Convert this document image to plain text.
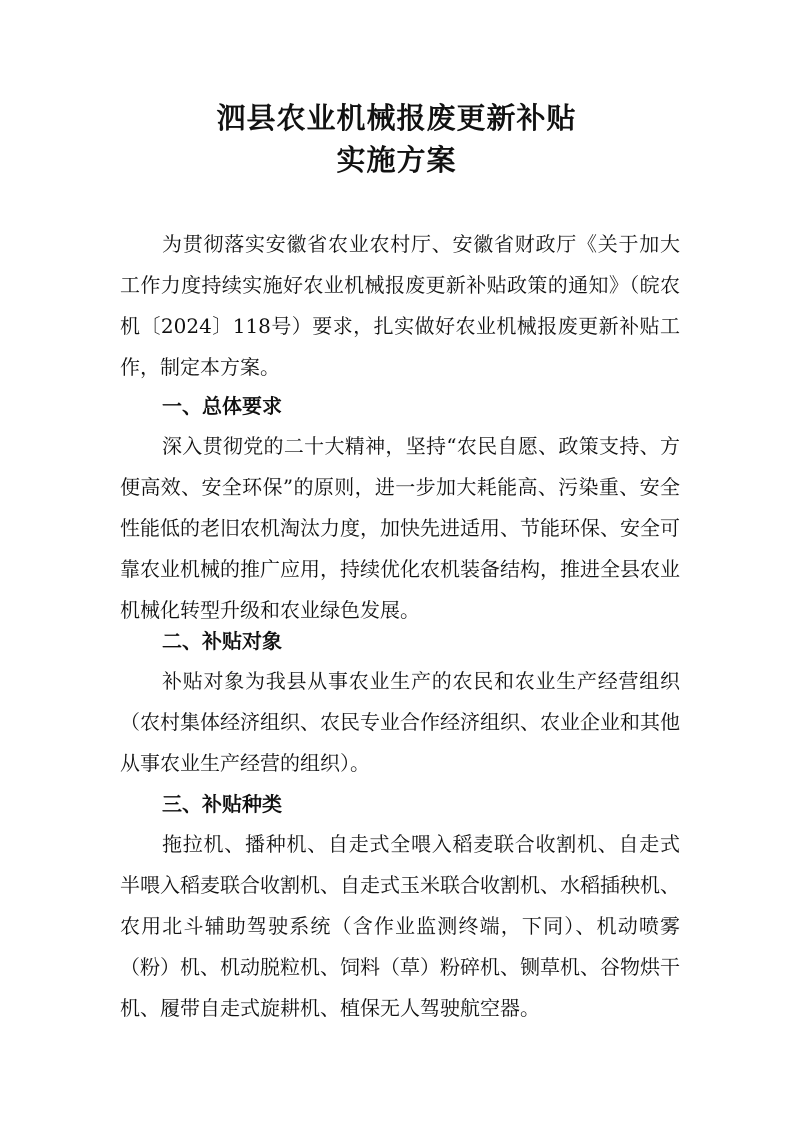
泗县农业机械报废更新补贴
实施方案

为贯彻落实安徽省农业农村厅、安徽省财政厅《关于加大工作力度持续实施好农业机械报废更新补贴政策的通知》（皖农机〔2024〕118号）要求，扎实做好农业机械报废更新补贴工作，制定本方案。

一、总体要求

深入贯彻党的二十大精神，坚持“农民自愿、政策支持、方便高效、安全环保”的原则，进一步加大耗能高、污染重、安全性能低的老旧农机淘汰力度，加快先进适用、节能环保、安全可靠农业机械的推广应用，持续优化农机装备结构，推进全县农业机械化转型升级和农业绿色发展。

二、补贴对象

补贴对象为我县从事农业生产的农民和农业生产经营组织（农村集体经济组织、农民专业合作经济组织、农业企业和其他从事农业生产经营的组织）。

三、补贴种类

拖拉机、播种机、自走式全喂入稻麦联合收割机、自走式半喂入稻麦联合收割机、自走式玉米联合收割机、水稻插秧机、农用北斗辅助驾驶系统（含作业监测终端，下同）、机动喷雾（粉）机、机动脱粒机、饲料（草）粉碎机、铡草机、谷物烘干机、履带自走式旋耕机、植保无人驾驶航空器。
